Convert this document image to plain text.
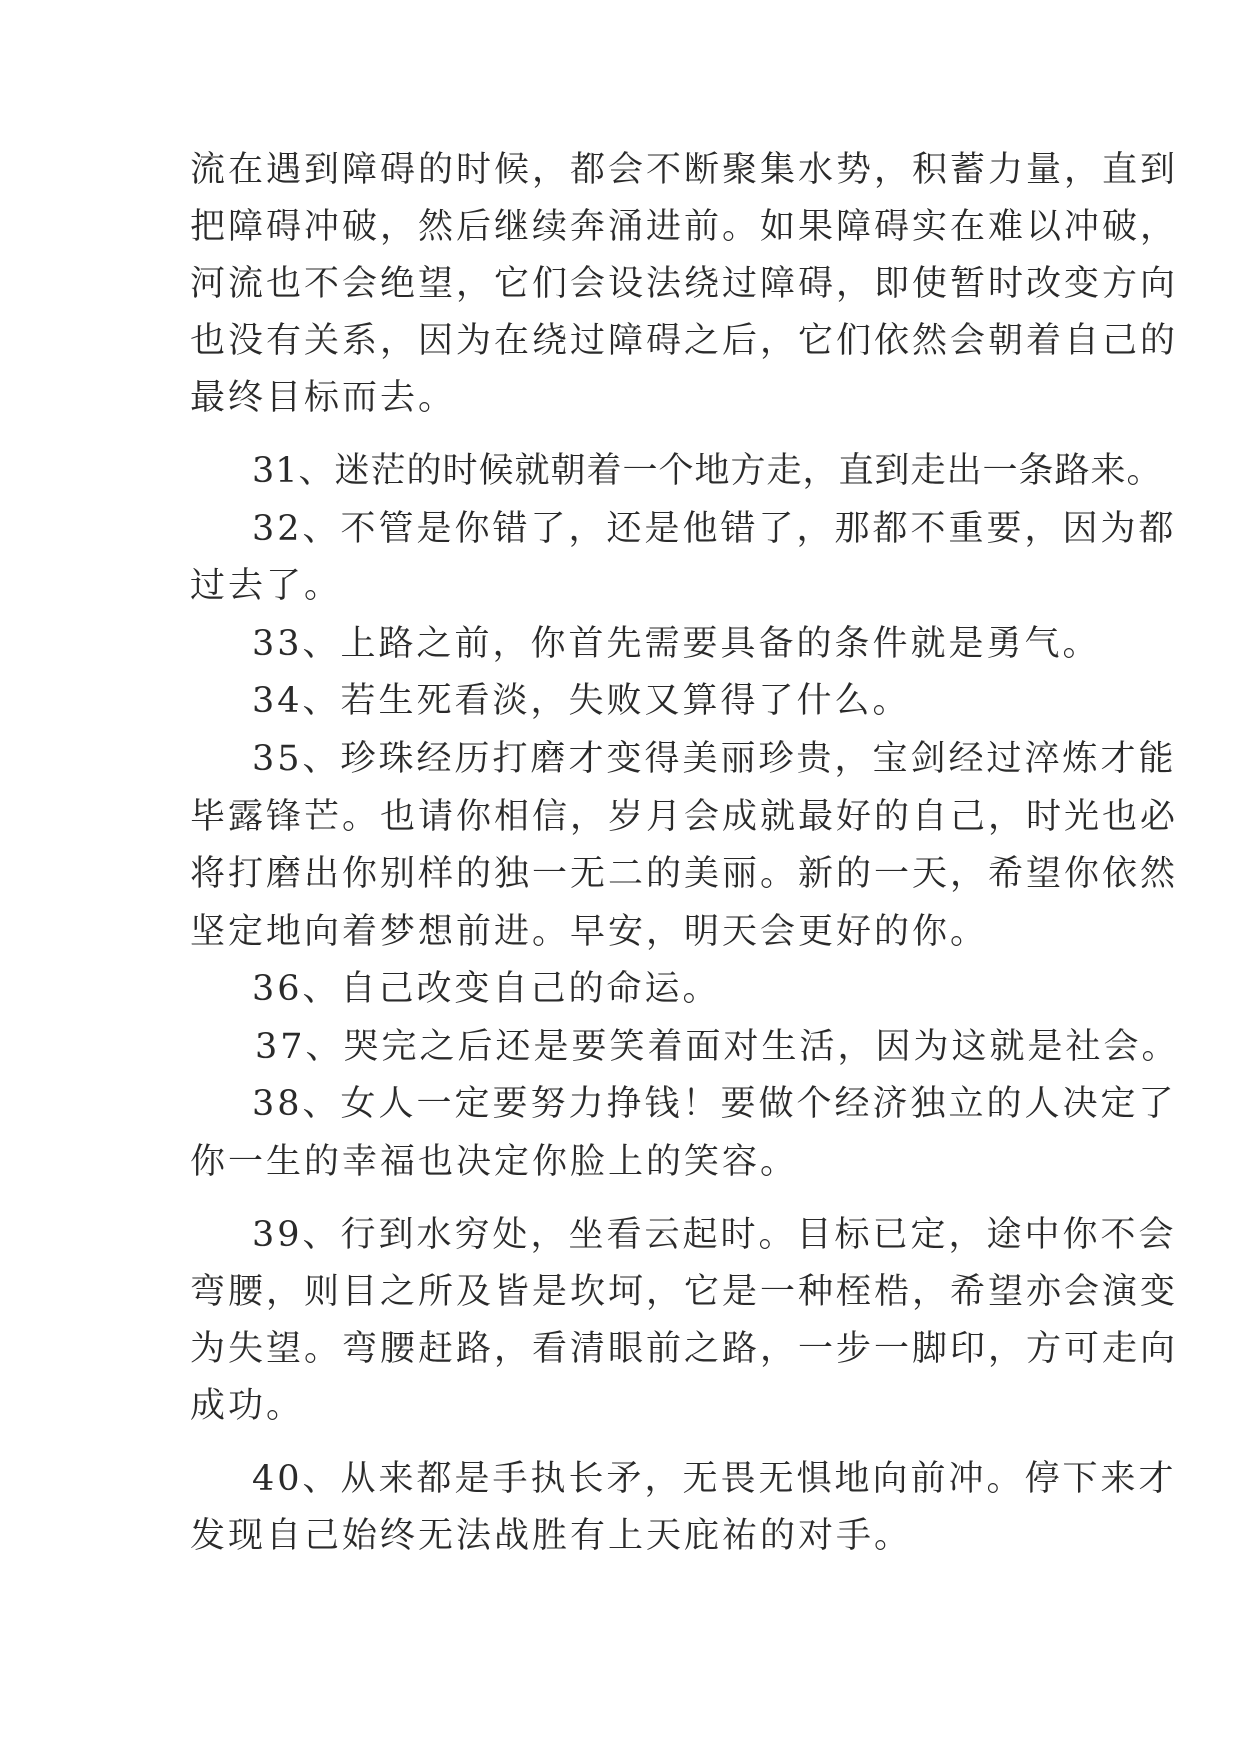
流在遇到障碍的时候，都会不断聚集水势，积蓄力量，直到

把障碍冲破，然后继续奔涌进前。如果障碍实在难以冲破，

河流也不会绝望，它们会设法绕过障碍，即使暂时改变方向

也没有关系，因为在绕过障碍之后，它们依然会朝着自己的

最终目标而去。

31、迷茫的时候就朝着一个地方走，直到走出一条路来。

32、不管是你错了，还是他错了，那都不重要，因为都

过去了。

33、上路之前，你首先需要具备的条件就是勇气。

34、若生死看淡，失败又算得了什么。

35、珍珠经历打磨才变得美丽珍贵，宝剑经过淬炼才能

毕露锋芒。也请你相信，岁月会成就最好的自己，时光也必

将打磨出你别样的独一无二的美丽。新的一天，希望你依然

坚定地向着梦想前进。早安，明天会更好的你。

36、自己改变自己的命运。

37、哭完之后还是要笑着面对生活，因为这就是社会。

38、女人一定要努力挣钱！要做个经济独立的人决定了

你一生的幸福也决定你脸上的笑容。

39、行到水穷处，坐看云起时。目标已定，途中你不会

弯腰，则目之所及皆是坎坷，它是一种桎梏，希望亦会演变

为失望。弯腰赶路，看清眼前之路，一步一脚印，方可走向

成功。

40、从来都是手执长矛，无畏无惧地向前冲。停下来才

发现自己始终无法战胜有上天庇祐的对手。
